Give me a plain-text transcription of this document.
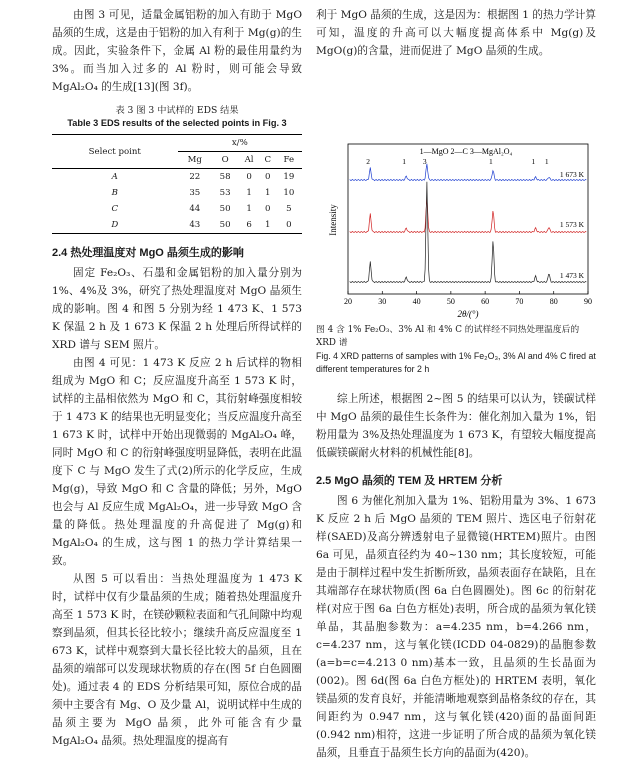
由图 3 可见，适量金属铝粉的加入有助于 MgO 晶须的生成，这是由于铝粉的加入有利于 Mg(g)的生成。因此，实验条件下，金属 Al 粉的最佳用量约为 3%。而当加入过多的 Al 粉时，则可能会导致 MgAl₂O₄ 的生成[13](图 3f)。

表 3 图 3 中试样的 EDS 结果
Table 3 EDS results of the selected points in Fig. 3
Select point	x/%				
	Mg	O	Al	C	Fe
A	22	58	0	0	19
B	35	53	1	1	10
C	44	50	1	0	5
D	43	50	6	1	0
2.4 热处理温度对 MgO 晶须生成的影响

固定 Fe₂O₃、石墨和金属铝粉的加入量分别为 1%、4%及 3%，研究了热处理温度对 MgO 晶须生成的影响。图 4 和图 5 分别为经 1 473 K、1 573 K 保温 2 h 及 1 673 K 保温 2 h 处理后所得试样的 XRD 谱与 SEM 照片。

由图 4 可见：1 473 K 反应 2 h 后试样的物相组成为 MgO 和 C；反应温度升高至 1 573 K 时，试样的主晶相依然为 MgO 和 C，其衍射峰强度相较于 1 473 K 的结果也无明显变化；当反应温度升高至 1 673 K 时，试样中开始出现微弱的 MgAl₂O₄ 峰，同时 MgO 和 C 的衍射峰强度明显降低，表明在此温度下 C 与 MgO 发生了式(2)所示的化学反应，生成 Mg(g)，导致 MgO 和 C 含量的降低；另外，MgO 也会与 Al 反应生成 MgAl₂O₄，进一步导致 MgO 含量的降低。热处理温度的升高促进了 Mg(g)和 MgAl₂O₄ 的生成，这与图 1 的热力学计算结果一致。

从图 5 可以看出：当热处理温度为 1 473 K 时，试样中仅有少量晶须的生成；随着热处理温度升高至 1 573 K 时，在镁砂颗粒表面和气孔间隙中均观察到晶须，但其长径比较小；继续升高反应温度至 1 673 K，试样中观察到大量长径比较大的晶须，且在晶须的端部可以发现球状物质的存在(图 5f 白色圆圈处)。通过表 4 的 EDS 分析结果可知，原位合成的晶须中主要含有 Mg、O 及少量 Al，说明试样中生成的晶须主要为 MgO 晶须，此外可能含有少量 MgAl₂O₄ 晶须。热处理温度的提高有

利于 MgO 晶须的生成，这是因为：根据图 1 的热力学计算可知，温度的升高可以大幅度提高体系中 Mg(g)及 MgO(g)的含量，进而促进了 MgO 晶须的生成。

1—MgO 2—C 3—MgAl₂O₄
Intensity
2θ/(°)
20	30	40	50	60	70	80	90
2	1 3	1	1 1
1 673 K
1 573 K
1 473 K
图 4 含 1% Fe₂O₃、3% Al 和 4% C 的试样经不同热处理温度后的 XRD 谱
Fig. 4 XRD patterns of samples with 1% Fe₂O₃, 3% Al and 4% C fired at different temperatures for 2 h

综上所述，根据图 2~图 5 的结果可以认为，镁碳试样中 MgO 晶须的最佳生长条件为：催化剂加入量为 1%，铝粉用量为 3%及热处理温度为 1 673 K，有望较大幅度提高低碳镁碳耐火材料的机械性能[8]。

2.5 MgO 晶须的 TEM 及 HRTEM 分析

图 6 为催化剂加入量为 1%、铝粉用量为 3%、1 673 K 反应 2 h 后 MgO 晶须的 TEM 照片、选区电子衍射花样(SAED)及高分辨透射电子显微镜(HRTEM)照片。由图 6a 可见，晶须直径约为 40~130 nm；其长度较短，可能是由于制样过程中发生折断所致，晶须表面存在缺陷，且在其端部存在球状物质(图 6a 白色圆圈处)。图 6c 的衍射花样(对应于图 6a 白色方框处)表明，所合成的晶须为氧化镁单晶，其晶胞参数为：a=4.235 nm，b=4.266 nm，c=4.237 nm，这与氧化镁(ICDD 04-0829)的晶胞参数(a=b=c=4.213 0 nm)基本一致，且晶须的生长晶面为(002)。图 6d(图 6a 白色方框处)的 HRTEM 表明，氧化镁晶须的发育良好，并能清晰地观察到晶格条纹的存在，其间距约为 0.947 nm，这与氧化镁(420)面的晶面间距(0.942 nm)相符，这进一步证明了所合成的晶须为氧化镁晶须，且垂直于晶须生长方向的晶面为(420)。
